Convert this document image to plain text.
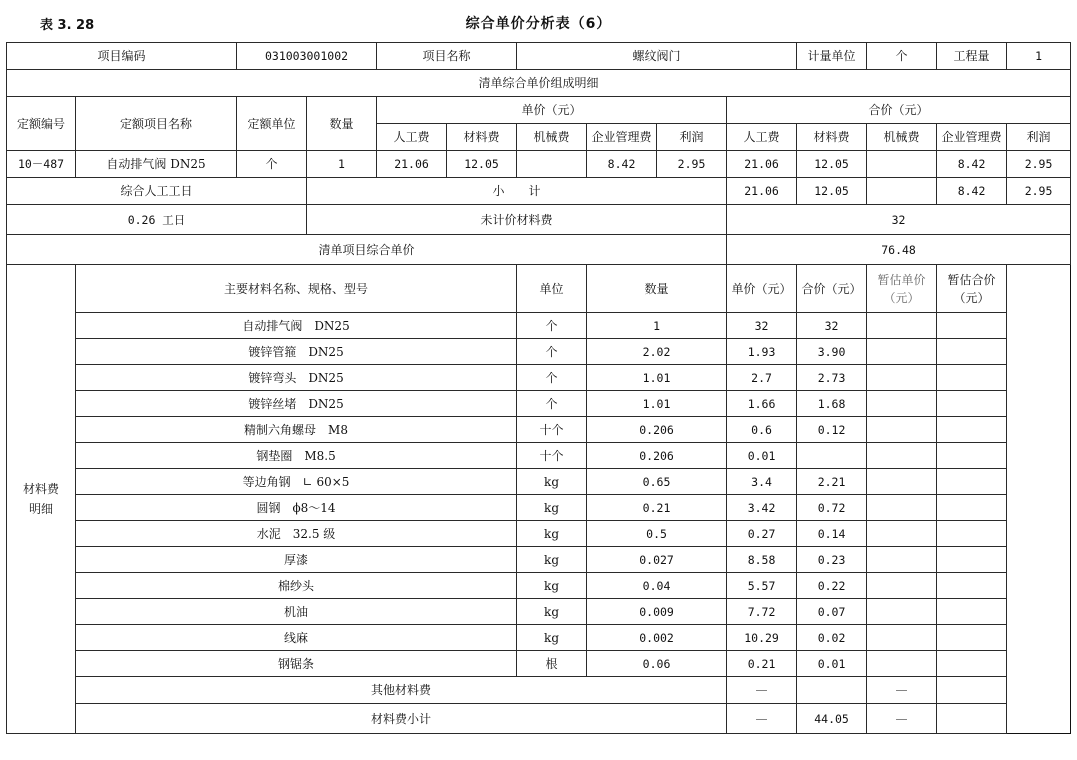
表 3. 28	综合单价分析表（6）
项目编码		031003001002		项目名称		螺纹阀门				计量单位	个	工程量	1
清单综合单价组成明细													
定额编号	定额项目名称	定额单位	数量	单价（元）					合价（元）				
				人工费	材料费	机械费	企业管理费	利润	人工费	材料费	机械费	企业管理费	利润
10－487	自动排气阀 DN25	个	1	21.06	12.05		8.42	2.95	21.06	12.05		8.42	2.95
综合人工工日			小　　计						21.06	12.05		8.42	2.95
0.26 工日			未计价材料费						32				
清单项目综合单价									76.48				
材料费明细	主要材料名称、规格、型号					单位	数量		单价（元）	合价（元）	暂估单价（元）	暂估合价（元）	
	自动排气阀　DN25					个	1		32	32			
	镀锌管箍　DN25					个	2.02		1.93	3.90			
	镀锌弯头　DN25					个	1.01		2.7	2.73			
	镀锌丝堵　DN25					个	1.01		1.66	1.68			
	精制六角螺母　M8					十个	0.206		0.6	0.12			
	钢垫圈　M8.5					十个	0.206		0.01				
	等边角钢　∟ 60×5					kg	0.65		3.4	2.21			
	圆钢　ϕ8～14					kg	0.21		3.42	0.72			
	水泥　32.5 级					kg	0.5		0.27	0.14			
	厚漆					kg	0.027		8.58	0.23			
	棉纱头					kg	0.04		5.57	0.22			
	机油					kg	0.009		7.72	0.07			
	线麻					kg	0.002		10.29	0.02			
	钢锯条					根	0.06		0.21	0.01			
	其他材料费								—		—		
	材料费小计								—	44.05	—		
